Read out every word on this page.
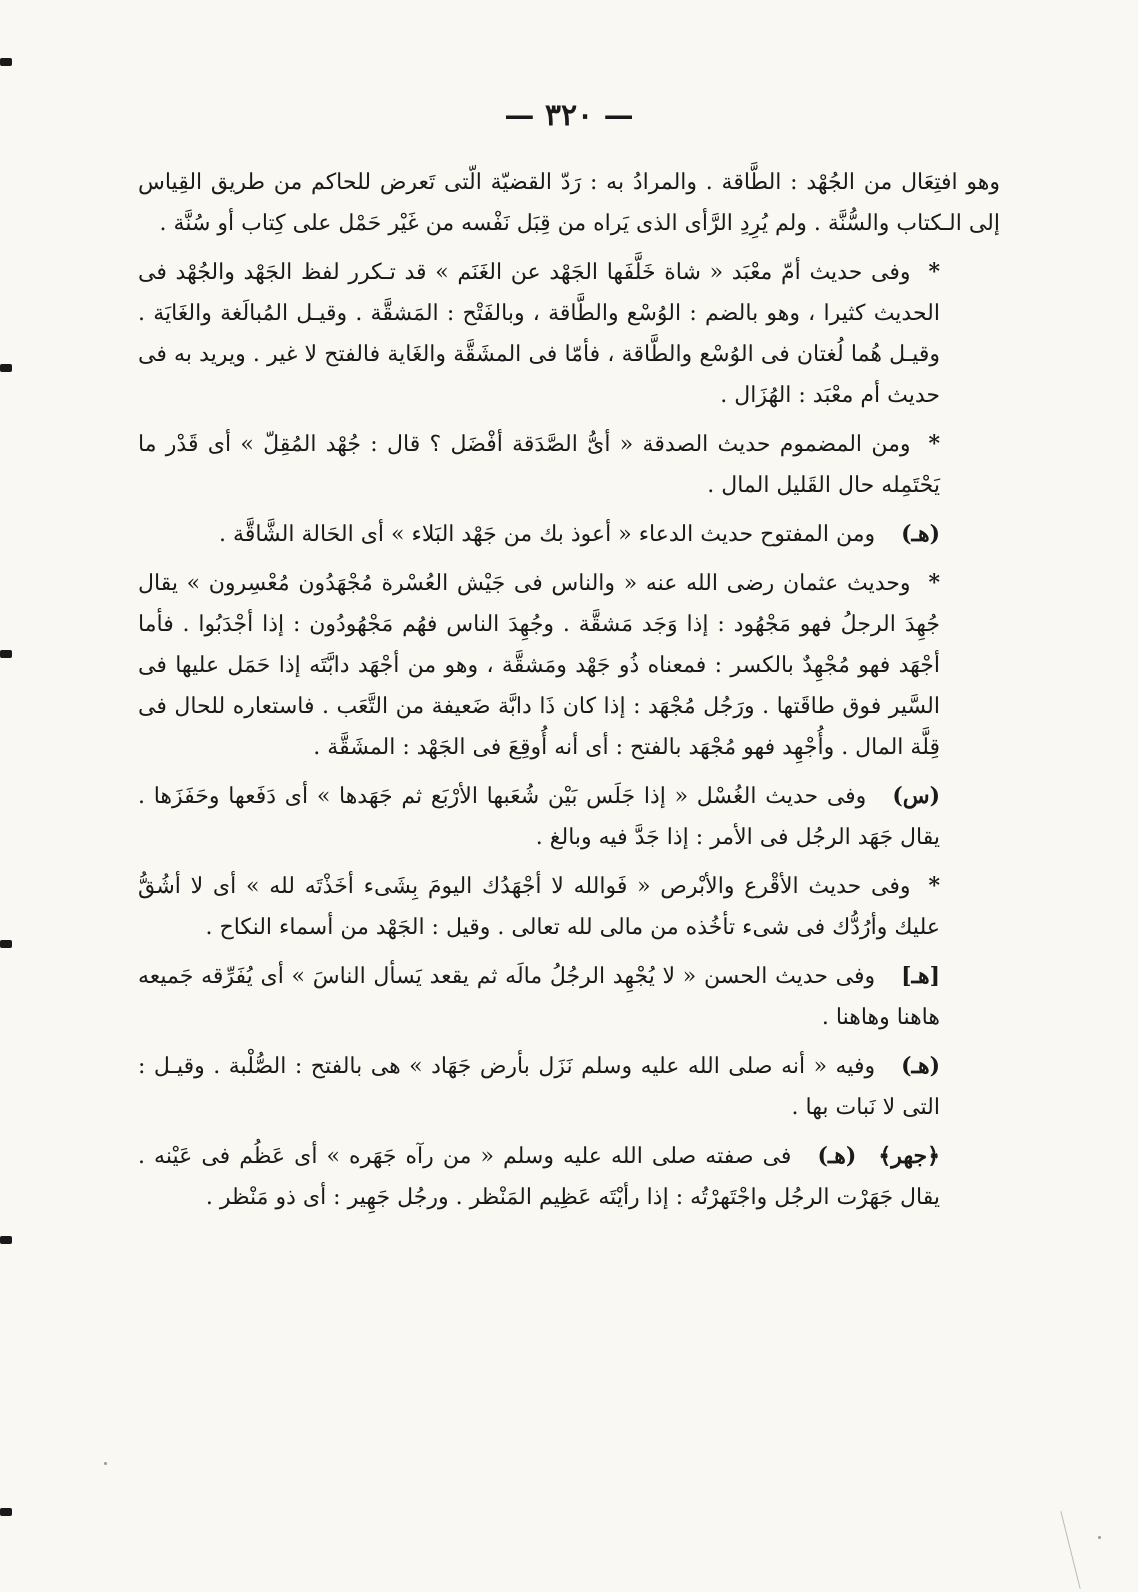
— ٣٢٠ —

وهو افتِعَال من الجُهْد : الطَّاقة . والمرادُ به : رَدّ القضيّة الّتى تَعرض للحاكم من طريق القِياس إلى الـكتاب والسُّنَّة . ولم يُرِدِ الرَّأى الذى يَراه من قِبَل نَفْسه من غَيْر حَمْل على كِتاب أو سُنَّة .

*وفى حديث أمّ معْبَد « شاة خَلَّفَها الجَهْد عن الغَنَم » قد تـكرر لفظ الجَهْد والجُهْد فى الحديث كثيرا ، وهو بالضم : الوُسْع والطَّاقة ، وبالفَتْح : المَشقَّة . وقيـل المُبالَغة والغَايَة . وقيـل هُما لُغتان فى الوُسْع والطَّاقة ، فأمّا فى المشَقَّة والغَاية فالفتح لا غير . ويريد به فى حديث أم معْبَد : الهُزَال .

*ومن المضموم حديث الصدقة « أىُّ الصَّدَقة أفْضَل ؟ قال : جُهْد المُقِلّ » أى قَدْر ما يَحْتَمِله حال القَليل المال .

(هـ)ومن المفتوح حديث الدعاء « أعوذ بك من جَهْد البَلاء » أى الحَالة الشَّاقَّة .

*وحديث عثمان رضى الله عنه « والناس فى جَيْش العُسْرة مُجْهَدُون مُعْسِرون » يقال جُهِدَ الرجلُ فهو مَجْهُود : إذا وَجَد مَشقَّة . وجُهِدَ الناس فهُم مَجْهُودُون : إذا أجْدَبُوا . فأما أجْهَد فهو مُجْهِدٌ بالكسر : فمعناه ذُو جَهْد ومَشقَّة ، وهو من أجْهَد دابَّتَه إذا حَمَل عليها فى السَّير فوق طاقَتها . ورَجُل مُجْهَد : إذا كان ذَا دابَّة ضَعيفة من التَّعَب . فاستعاره للحال فى قِلَّة المال . وأُجْهِد فهو مُجْهَد بالفتح : أى أنه أُوقِعَ فى الجَهْد : المشَقَّة .

(س)وفى حديث الغُسْل « إذا جَلَس بَيْن شُعَبها الأرْبَع ثم جَهَدها » أى دَفَعها وحَفَزَها . يقال جَهَد الرجُل فى الأمر : إذا جَدَّ فيه وبالغ .

*وفى حديث الأقْرع والأبْرص « فَوالله لا أجْهَدُك اليومَ بِشَىء أخَذْتَه لله » أى لا أشُقُّ عليك وأرُدُّك فى شىء تأخُذه من مالى لله تعالى . وقيل : الجَهْد من أسماء النكاح .

[هـ]وفى حديث الحسن « لا يُجْهِد الرجُلُ مالَه ثم يقعد يَسأل الناسَ » أى يُفَرِّقه جَميعه هاهنا وهاهنا .

(هـ)وفيه « أنه صلى الله عليه وسلم نَزَل بأرض جَهَاد » هى بالفتح : الصُّلْبة . وقيـل : التى لا نَبات بها .

﴿جهر﴾(هـ)فى صفته صلى الله عليه وسلم « من رآه جَهَره » أى عَظُم فى عَيْنه . يقال جَهَرْت الرجُل واجْتَهرْتُه : إذا رأيْتَه عَظِيم المَنْظر . ورجُل جَهِير : أى ذو مَنْظر .
